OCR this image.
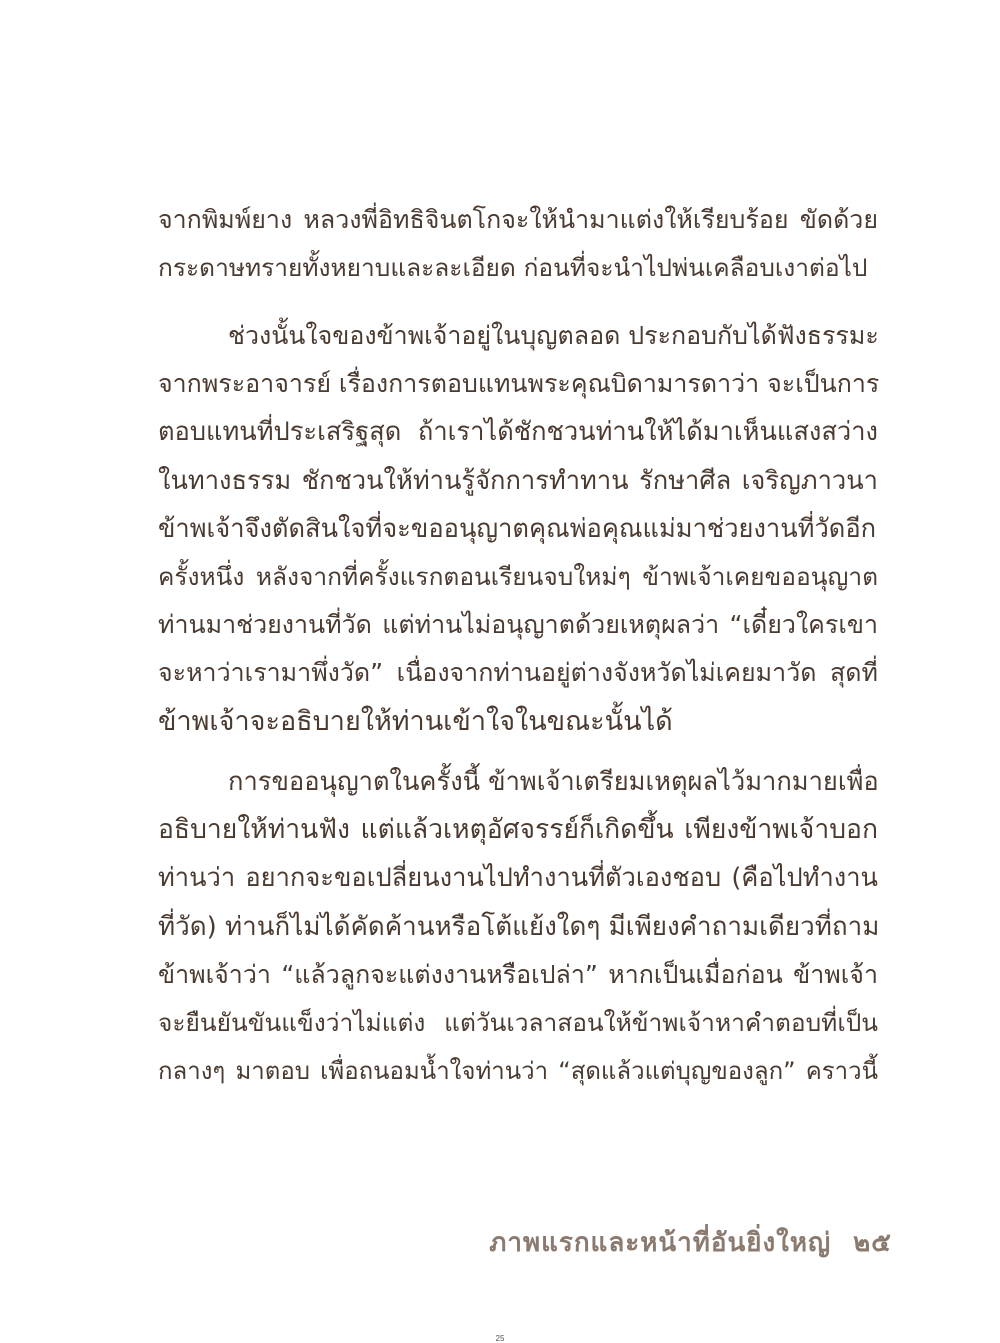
จากพิมพ์ยาง หลวงพี่อิทธิจินตโกจะให้นำมาแต่งให้เรียบร้อย ขัดด้วย
กระดาษทรายทั้งหยาบและละเอียด ก่อนที่จะนำไปพ่นเคลือบเงาต่อไป
ช่วงนั้นใจของข้าพเจ้าอยู่ในบุญตลอด ประกอบกับได้ฟังธรรมะ
จากพระอาจารย์ เรื่องการตอบแทนพระคุณบิดามารดาว่า จะเป็นการ
ตอบแทนที่ประเสริฐสุด ถ้าเราได้ชักชวนท่านให้ได้มาเห็นแสงสว่าง
ในทางธรรม ชักชวนให้ท่านรู้จักการทำทาน รักษาศีล เจริญภาวนา
ข้าพเจ้าจึงตัดสินใจที่จะขออนุญาตคุณพ่อคุณแม่มาช่วยงานที่วัดอีก
ครั้งหนึ่ง หลังจากที่ครั้งแรกตอนเรียนจบใหม่ๆ ข้าพเจ้าเคยขออนุญาต
ท่านมาช่วยงานที่วัด แต่ท่านไม่อนุญาตด้วยเหตุผลว่า “เดี๋ยวใครเขา
จะหาว่าเรามาพึ่งวัด” เนื่องจากท่านอยู่ต่างจังหวัดไม่เคยมาวัด สุดที่
ข้าพเจ้าจะอธิบายให้ท่านเข้าใจในขณะนั้นได้
การขออนุญาตในครั้งนี้ ข้าพเจ้าเตรียมเหตุผลไว้มากมายเพื่อ
อธิบายให้ท่านฟัง แต่แล้วเหตุอัศจรรย์ก็เกิดขึ้น เพียงข้าพเจ้าบอก
ท่านว่า อยากจะขอเปลี่ยนงานไปทำงานที่ตัวเองชอบ (คือไปทำงาน
ที่วัด) ท่านก็ไม่ได้คัดค้านหรือโต้แย้งใดๆ มีเพียงคำถามเดียวที่ถาม
ข้าพเจ้าว่า “แล้วลูกจะแต่งงานหรือเปล่า” หากเป็นเมื่อก่อน ข้าพเจ้า
จะยืนยันขันแข็งว่าไม่แต่ง แต่วันเวลาสอนให้ข้าพเจ้าหาคำตอบที่เป็น
กลางๆ มาตอบ เพื่อถนอมน้ำใจท่านว่า “สุดแล้วแต่บุญของลูก” คราวนี้
ภาพแรกและหน้าที่อันยิ่งใหญ่ ๒๕
25
